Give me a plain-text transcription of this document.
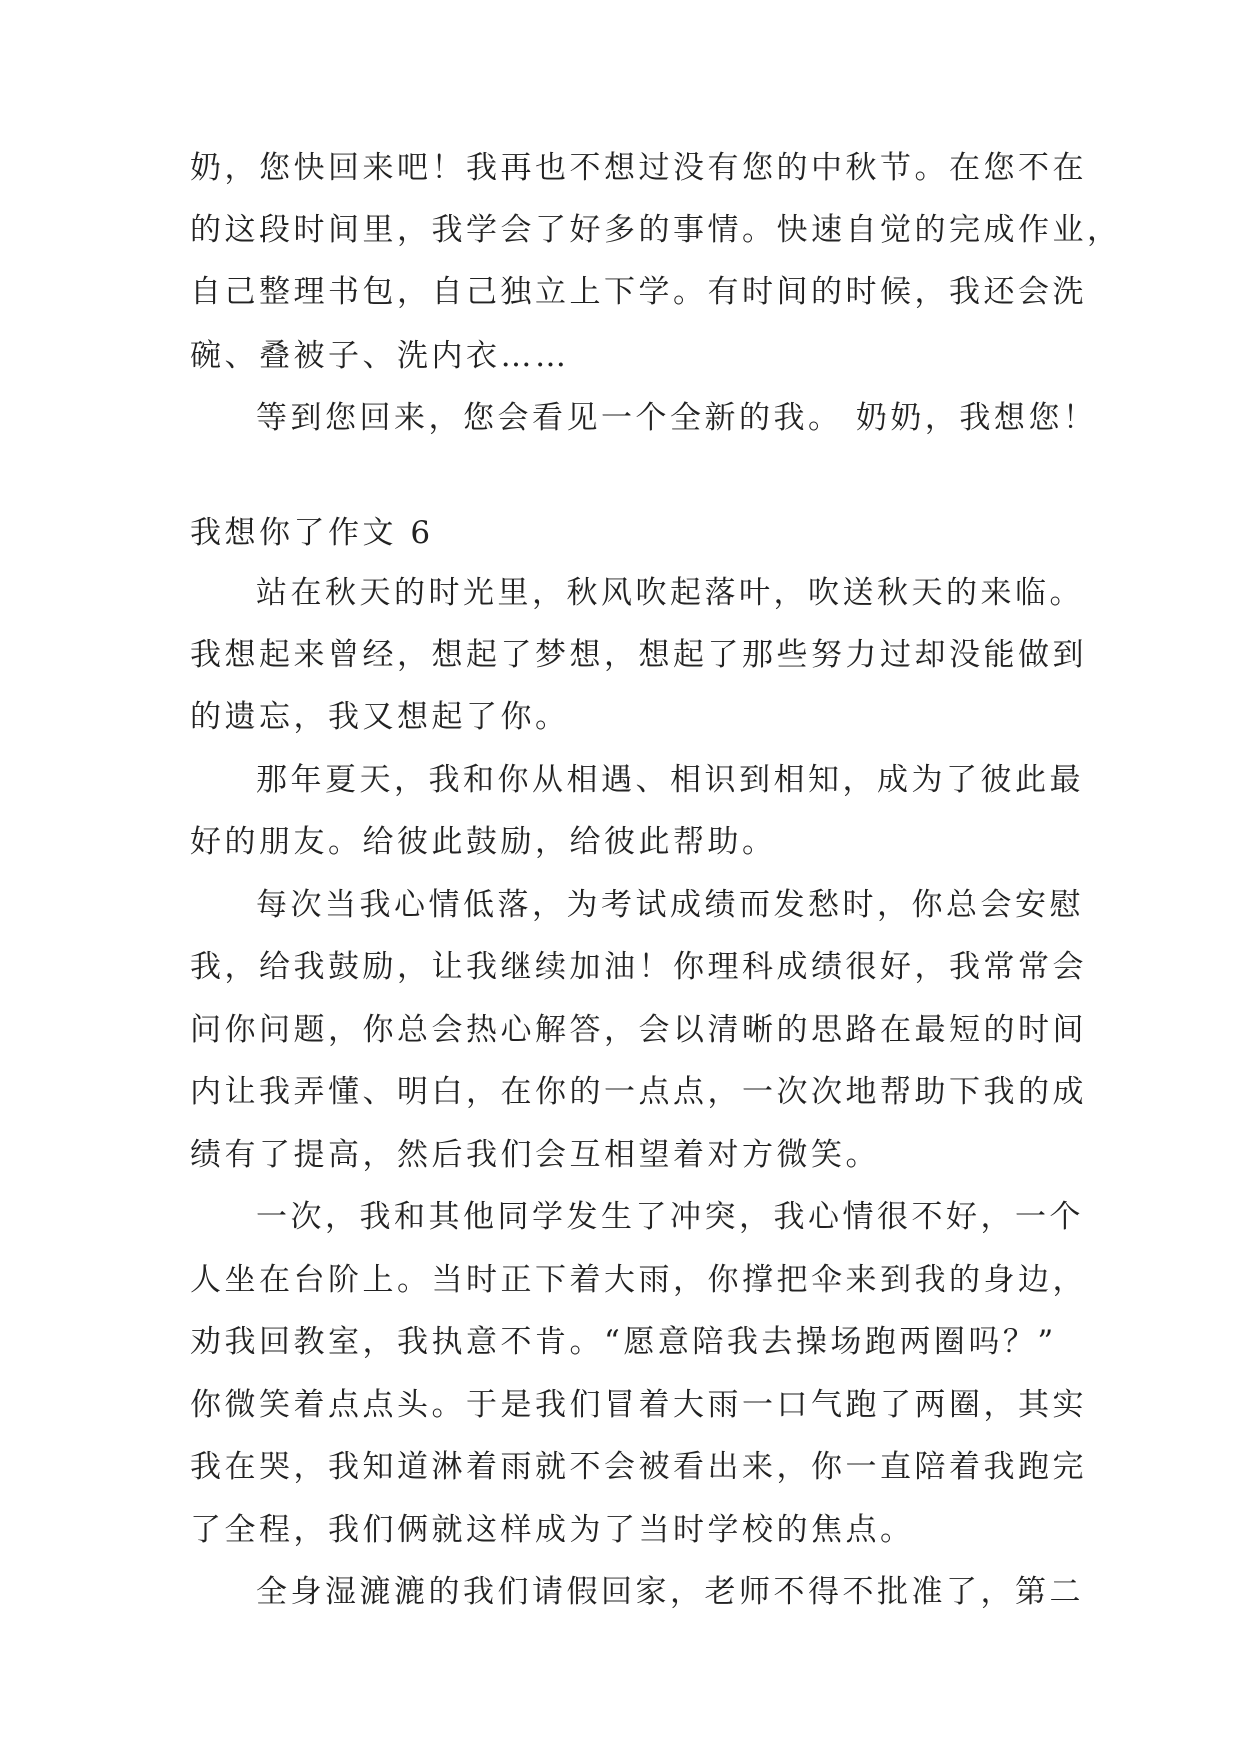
奶，您快回来吧！我再也不想过没有您的中秋节。在您不在
的这段时间里，我学会了好多的事情。快速自觉的完成作业，
自己整理书包，自己独立上下学。有时间的时候，我还会洗
碗、叠被子、洗内衣……
等到您回来，您会看见一个全新的我。 奶奶，我想您！
我想你了作文 6
站在秋天的时光里，秋风吹起落叶，吹送秋天的来临。
我想起来曾经，想起了梦想，想起了那些努力过却没能做到
的遗忘，我又想起了你。
那年夏天，我和你从相遇、相识到相知，成为了彼此最
好的朋友。给彼此鼓励，给彼此帮助。
每次当我心情低落，为考试成绩而发愁时，你总会安慰
我，给我鼓励，让我继续加油！你理科成绩很好，我常常会
问你问题，你总会热心解答，会以清晰的思路在最短的时间
内让我弄懂、明白，在你的一点点，一次次地帮助下我的成
绩有了提高，然后我们会互相望着对方微笑。
一次，我和其他同学发生了冲突，我心情很不好，一个
人坐在台阶上。当时正下着大雨，你撑把伞来到我的身边，
劝我回教室，我执意不肯。“愿意陪我去操场跑两圈吗？”
你微笑着点点头。于是我们冒着大雨一口气跑了两圈，其实
我在哭，我知道淋着雨就不会被看出来，你一直陪着我跑完
了全程，我们俩就这样成为了当时学校的焦点。
全身湿漉漉的我们请假回家，老师不得不批准了，第二
